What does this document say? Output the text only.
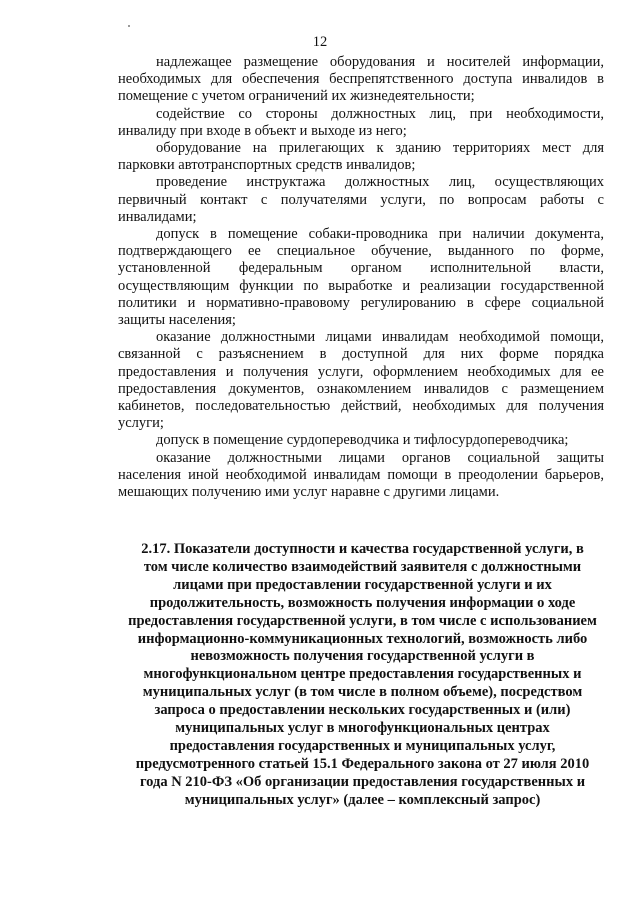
12

надлежащее размещение оборудования и носителей информации, необходимых для обеспечения беспрепятственного доступа инвалидов в помещение с учетом ограничений их жизнедеятельности;

содействие со стороны должностных лиц, при необходимости, инвалиду при входе в объект и выходе из него;

оборудование на прилегающих к зданию территориях мест для парковки автотранспортных средств инвалидов;

проведение инструктажа должностных лиц, осуществляющих первичный контакт с получателями услуги, по вопросам работы с инвалидами;

допуск в помещение собаки-проводника при наличии документа, подтверждающего ее специальное обучение, выданного по форме, установленной федеральным органом исполнительной власти, осуществляющим функции по выработке и реализации государственной политики и нормативно-правовому регулированию в сфере социальной защиты населения;

оказание должностными лицами инвалидам необходимой помощи, связанной с разъяснением в доступной для них форме порядка предоставления и получения услуги, оформлением необходимых для ее предоставления документов, ознакомлением инвалидов с размещением кабинетов, последовательностью действий, необходимых для получения услуги;

допуск в помещение сурдопереводчика и тифлосурдопереводчика;

оказание должностными лицами органов социальной защиты населения иной необходимой инвалидам помощи в преодолении барьеров, мешающих получению ими услуг наравне с другими лицами.

2.17. Показатели доступности и качества государственной услуги, в
том числе количество взаимодействий заявителя с должностными
лицами при предоставлении государственной услуги и их
продолжительность, возможность получения информации о ходе
предоставления государственной услуги, в том числе с использованием
информационно-коммуникационных технологий, возможность либо
невозможность получения государственной услуги в
многофункциональном центре предоставления государственных и
муниципальных услуг (в том числе в полном объеме), посредством
запроса о предоставлении нескольких государственных и (или)
муниципальных услуг в многофункциональных центрах
предоставления государственных и муниципальных услуг,
предусмотренного статьей 15.1 Федерального закона от 27 июля 2010
года N 210-ФЗ «Об организации предоставления государственных и
муниципальных услуг» (далее – комплексный запрос)
